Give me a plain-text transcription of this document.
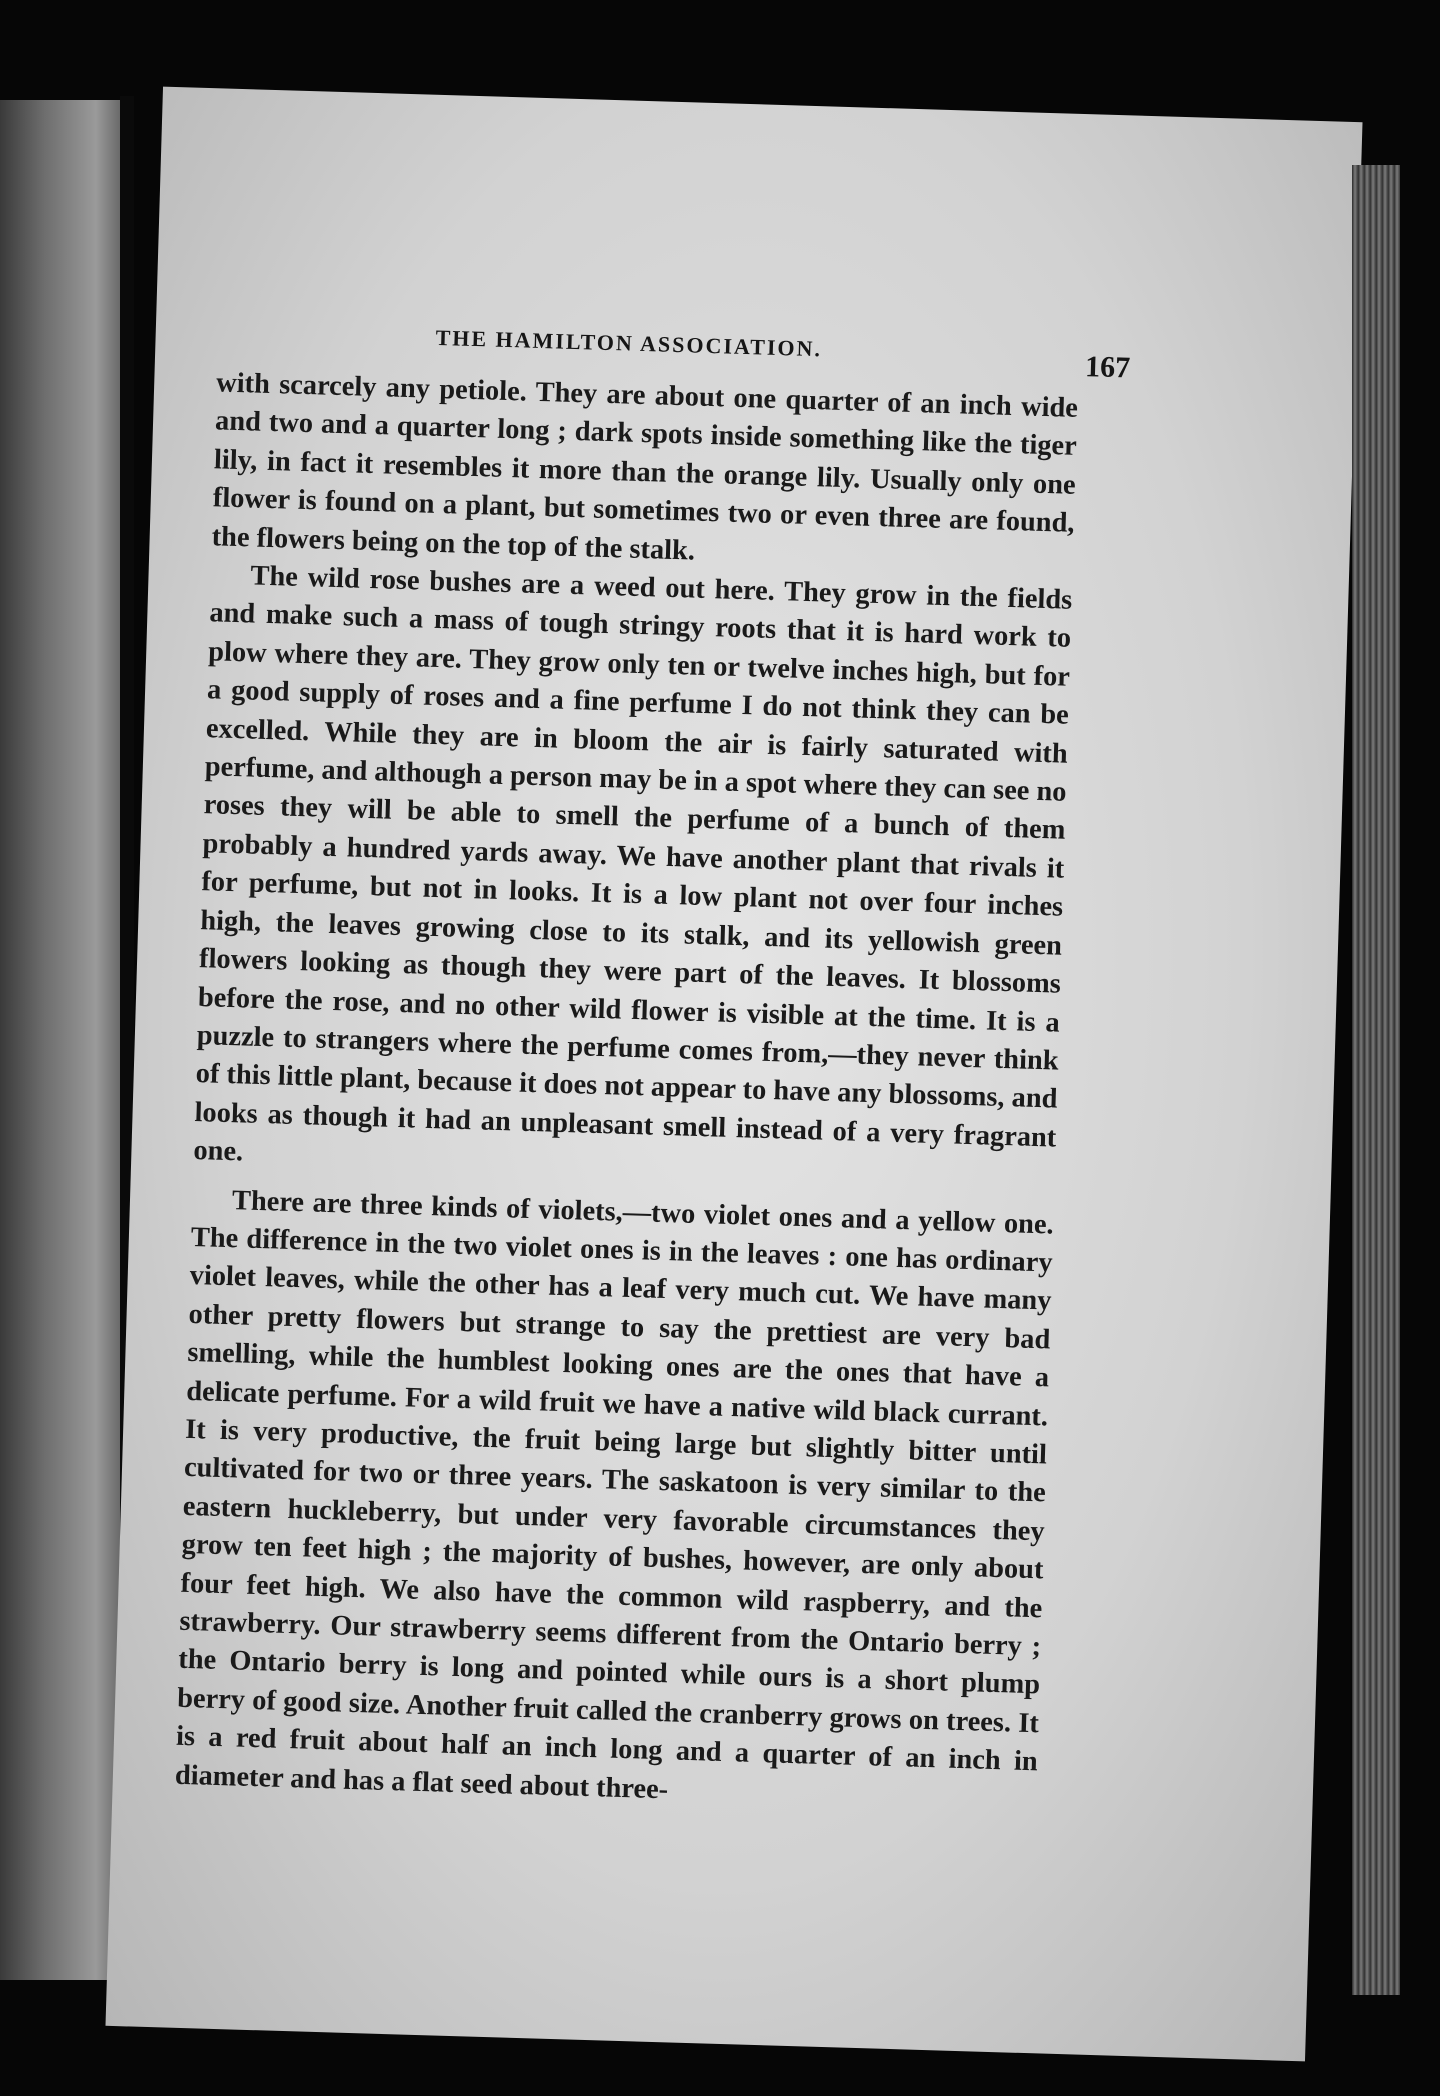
THE HAMILTON ASSOCIATION.
167

with scarcely any petiole. They are about one quarter of an inch wide and two and a quarter long ; dark spots inside something like the tiger lily, in fact it resembles it more than the orange lily. Usually only one flower is found on a plant, but sometimes two or even three are found, the flowers being on the top of the stalk.

The wild rose bushes are a weed out here. They grow in the fields and make such a mass of tough stringy roots that it is hard work to plow where they are. They grow only ten or twelve inches high, but for a good supply of roses and a fine perfume I do not think they can be excelled. While they are in bloom the air is fairly saturated with perfume, and although a person may be in a spot where they can see no roses they will be able to smell the perfume of a bunch of them probably a hundred yards away. We have another plant that rivals it for perfume, but not in looks. It is a low plant not over four inches high, the leaves growing close to its stalk, and its yellowish green flowers looking as though they were part of the leaves. It blossoms before the rose, and no other wild flower is visible at the time. It is a puzzle to strangers where the perfume comes from,—they never think of this little plant, because it does not appear to have any blossoms, and looks as though it had an unpleasant smell instead of a very fragrant one.

There are three kinds of violets,—two violet ones and a yellow one. The difference in the two violet ones is in the leaves : one has ordinary violet leaves, while the other has a leaf very much cut. We have many other pretty flowers but strange to say the prettiest are very bad smelling, while the humblest looking ones are the ones that have a delicate perfume. For a wild fruit we have a native wild black currant. It is very productive, the fruit being large but slightly bitter until cultivated for two or three years. The saskatoon is very similar to the eastern huckleberry, but under very favorable circumstances they grow ten feet high ; the majority of bushes, however, are only about four feet high. We also have the common wild raspberry, and the strawberry. Our strawberry seems different from the Ontario berry ; the Ontario berry is long and pointed while ours is a short plump berry of good size. Another fruit called the cranberry grows on trees. It is a red fruit about half an inch long and a quarter of an inch in diameter and has a flat seed about three-
